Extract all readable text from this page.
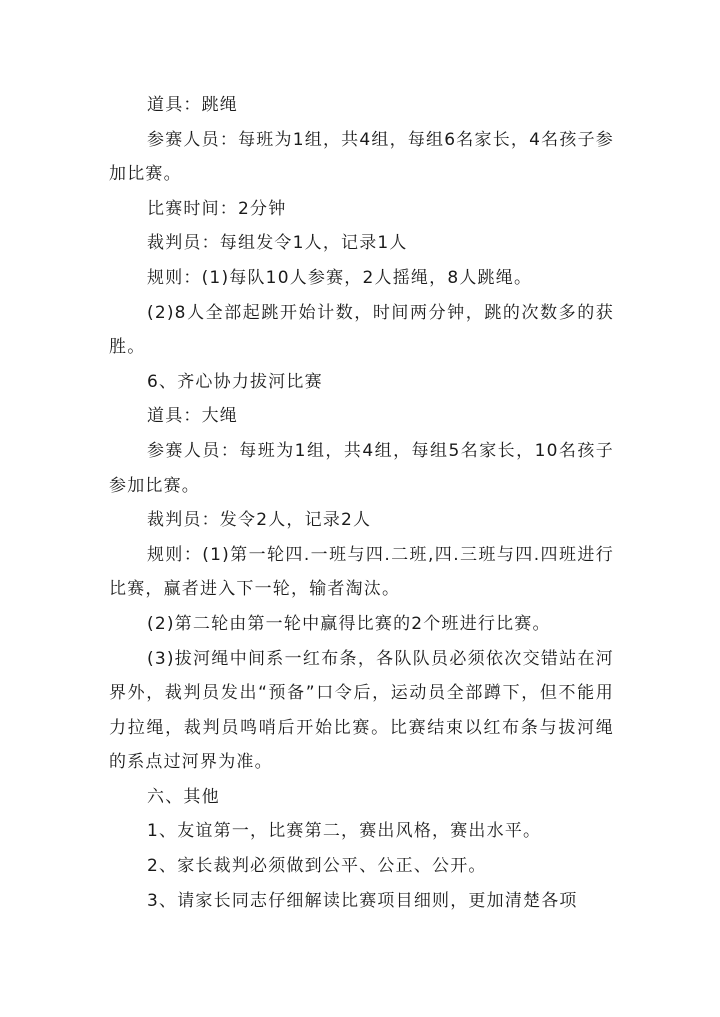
道具：跳绳

参赛人员：每班为1组，共4组，每组6名家长，4名孩子参加比赛。

比赛时间：2分钟

裁判员：每组发令1人，记录1人

规则：(1)每队10人参赛，2人摇绳，8人跳绳。

(2)8人全部起跳开始计数，时间两分钟，跳的次数多的获胜。

6、齐心协力拔河比赛

道具：大绳

参赛人员：每班为1组，共4组，每组5名家长，10名孩子参加比赛。

裁判员：发令2人，记录2人

规则：(1)第一轮四.一班与四.二班,四.三班与四.四班进行比赛，赢者进入下一轮，输者淘汰。

(2)第二轮由第一轮中赢得比赛的2个班进行比赛。

(3)拔河绳中间系一红布条，各队队员必须依次交错站在河界外，裁判员发出“预备”口令后，运动员全部蹲下，但不能用力拉绳，裁判员鸣哨后开始比赛。比赛结束以红布条与拔河绳的系点过河界为准。

六、其他

1、友谊第一，比赛第二，赛出风格，赛出水平。

2、家长裁判必须做到公平、公正、公开。

3、请家长同志仔细解读比赛项目细则，更加清楚各项
